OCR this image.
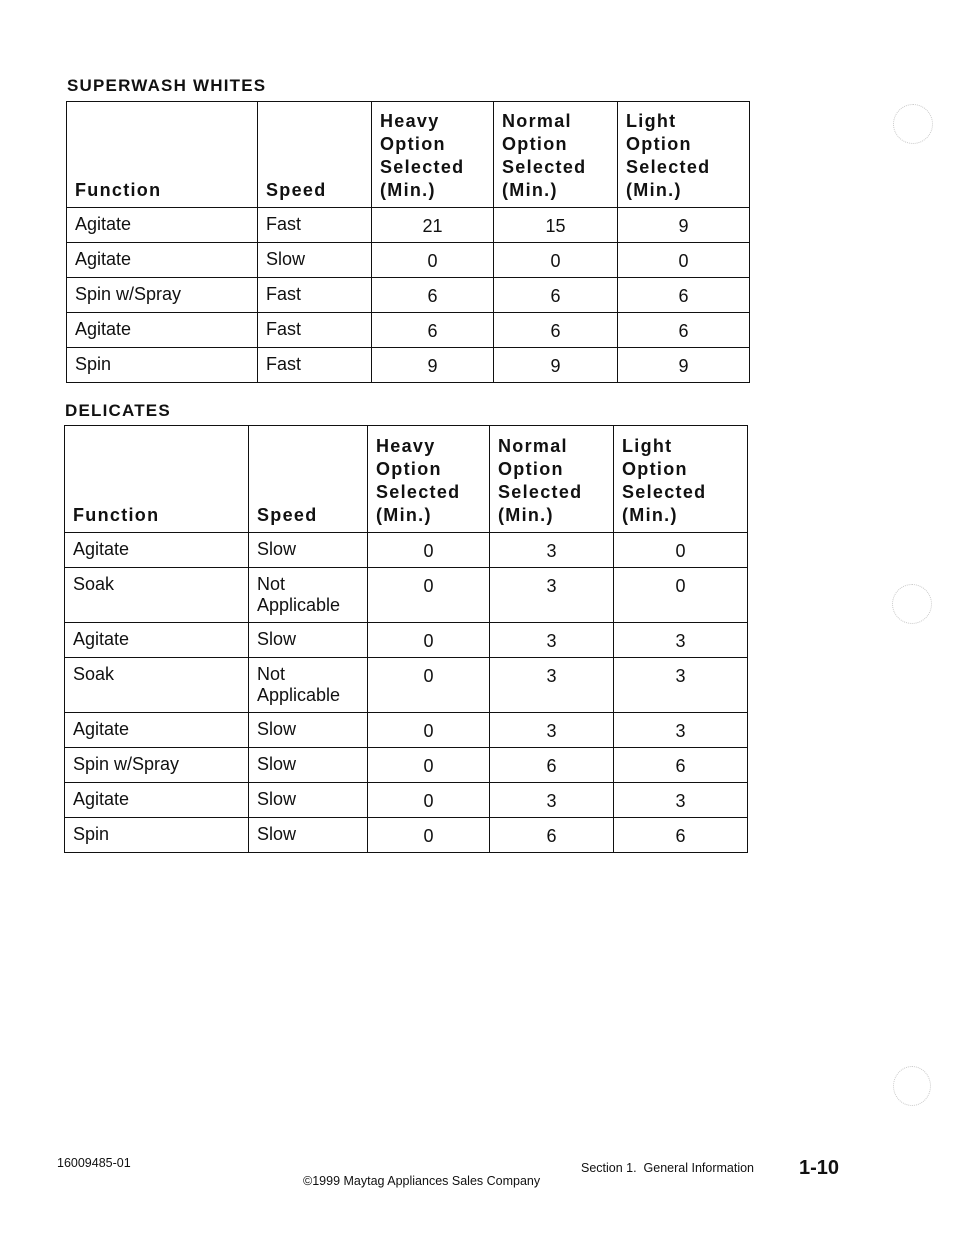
SUPERWASH WHITES
Function	Speed	Heavy
Option
Selected
(Min.)	Normal
Option
Selected
(Min.)	Light
Option
Selected
(Min.)

Agitate	Fast	21	15	9
Agitate	Slow	0	0	0
Spin w/Spray	Fast	6	6	6
Agitate	Fast	6	6	6
Spin	Fast	9	9	9
DELICATES
Function	Speed	Heavy
Option
Selected
(Min.)	Normal
Option
Selected
(Min.)	Light
Option
Selected
(Min.)

Agitate	Slow	0	3	0
Soak	Not
Applicable	0	3	0
Agitate	Slow	0	3	3
Soak	Not
Applicable	0	3	3
Agitate	Slow	0	3	3
Spin w/Spray	Slow	0	6	6
Agitate	Slow	0	3	3
Spin	Slow	0	6	6
16009485-01
©1999 Maytag Appliances Sales Company
Section 1.  General Information 1-10
